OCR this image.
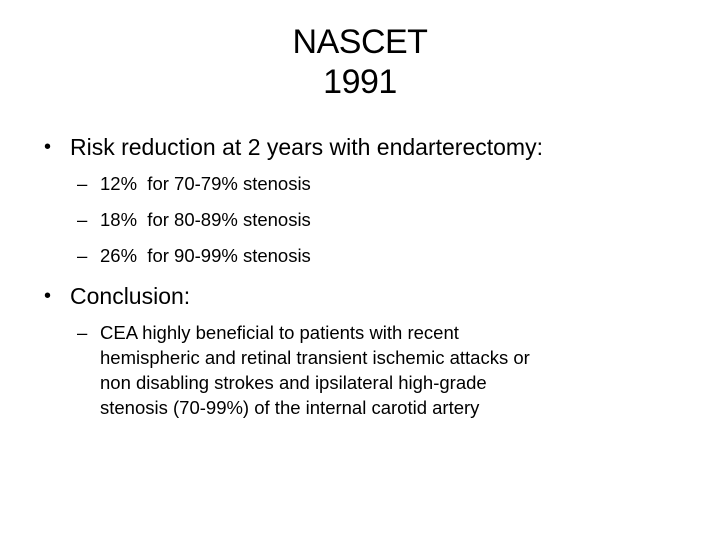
NASCET
1991
• Risk reduction at 2 years with endarterectomy:
– 12%  for 70-79% stenosis
– 18%  for 80-89% stenosis
– 26%  for 90-99% stenosis
• Conclusion:
– CEA highly beneficial to patients with recent
hemispheric and retinal transient ischemic attacks or
non disabling strokes and ipsilateral high-grade
stenosis (70-99%) of the internal carotid artery
